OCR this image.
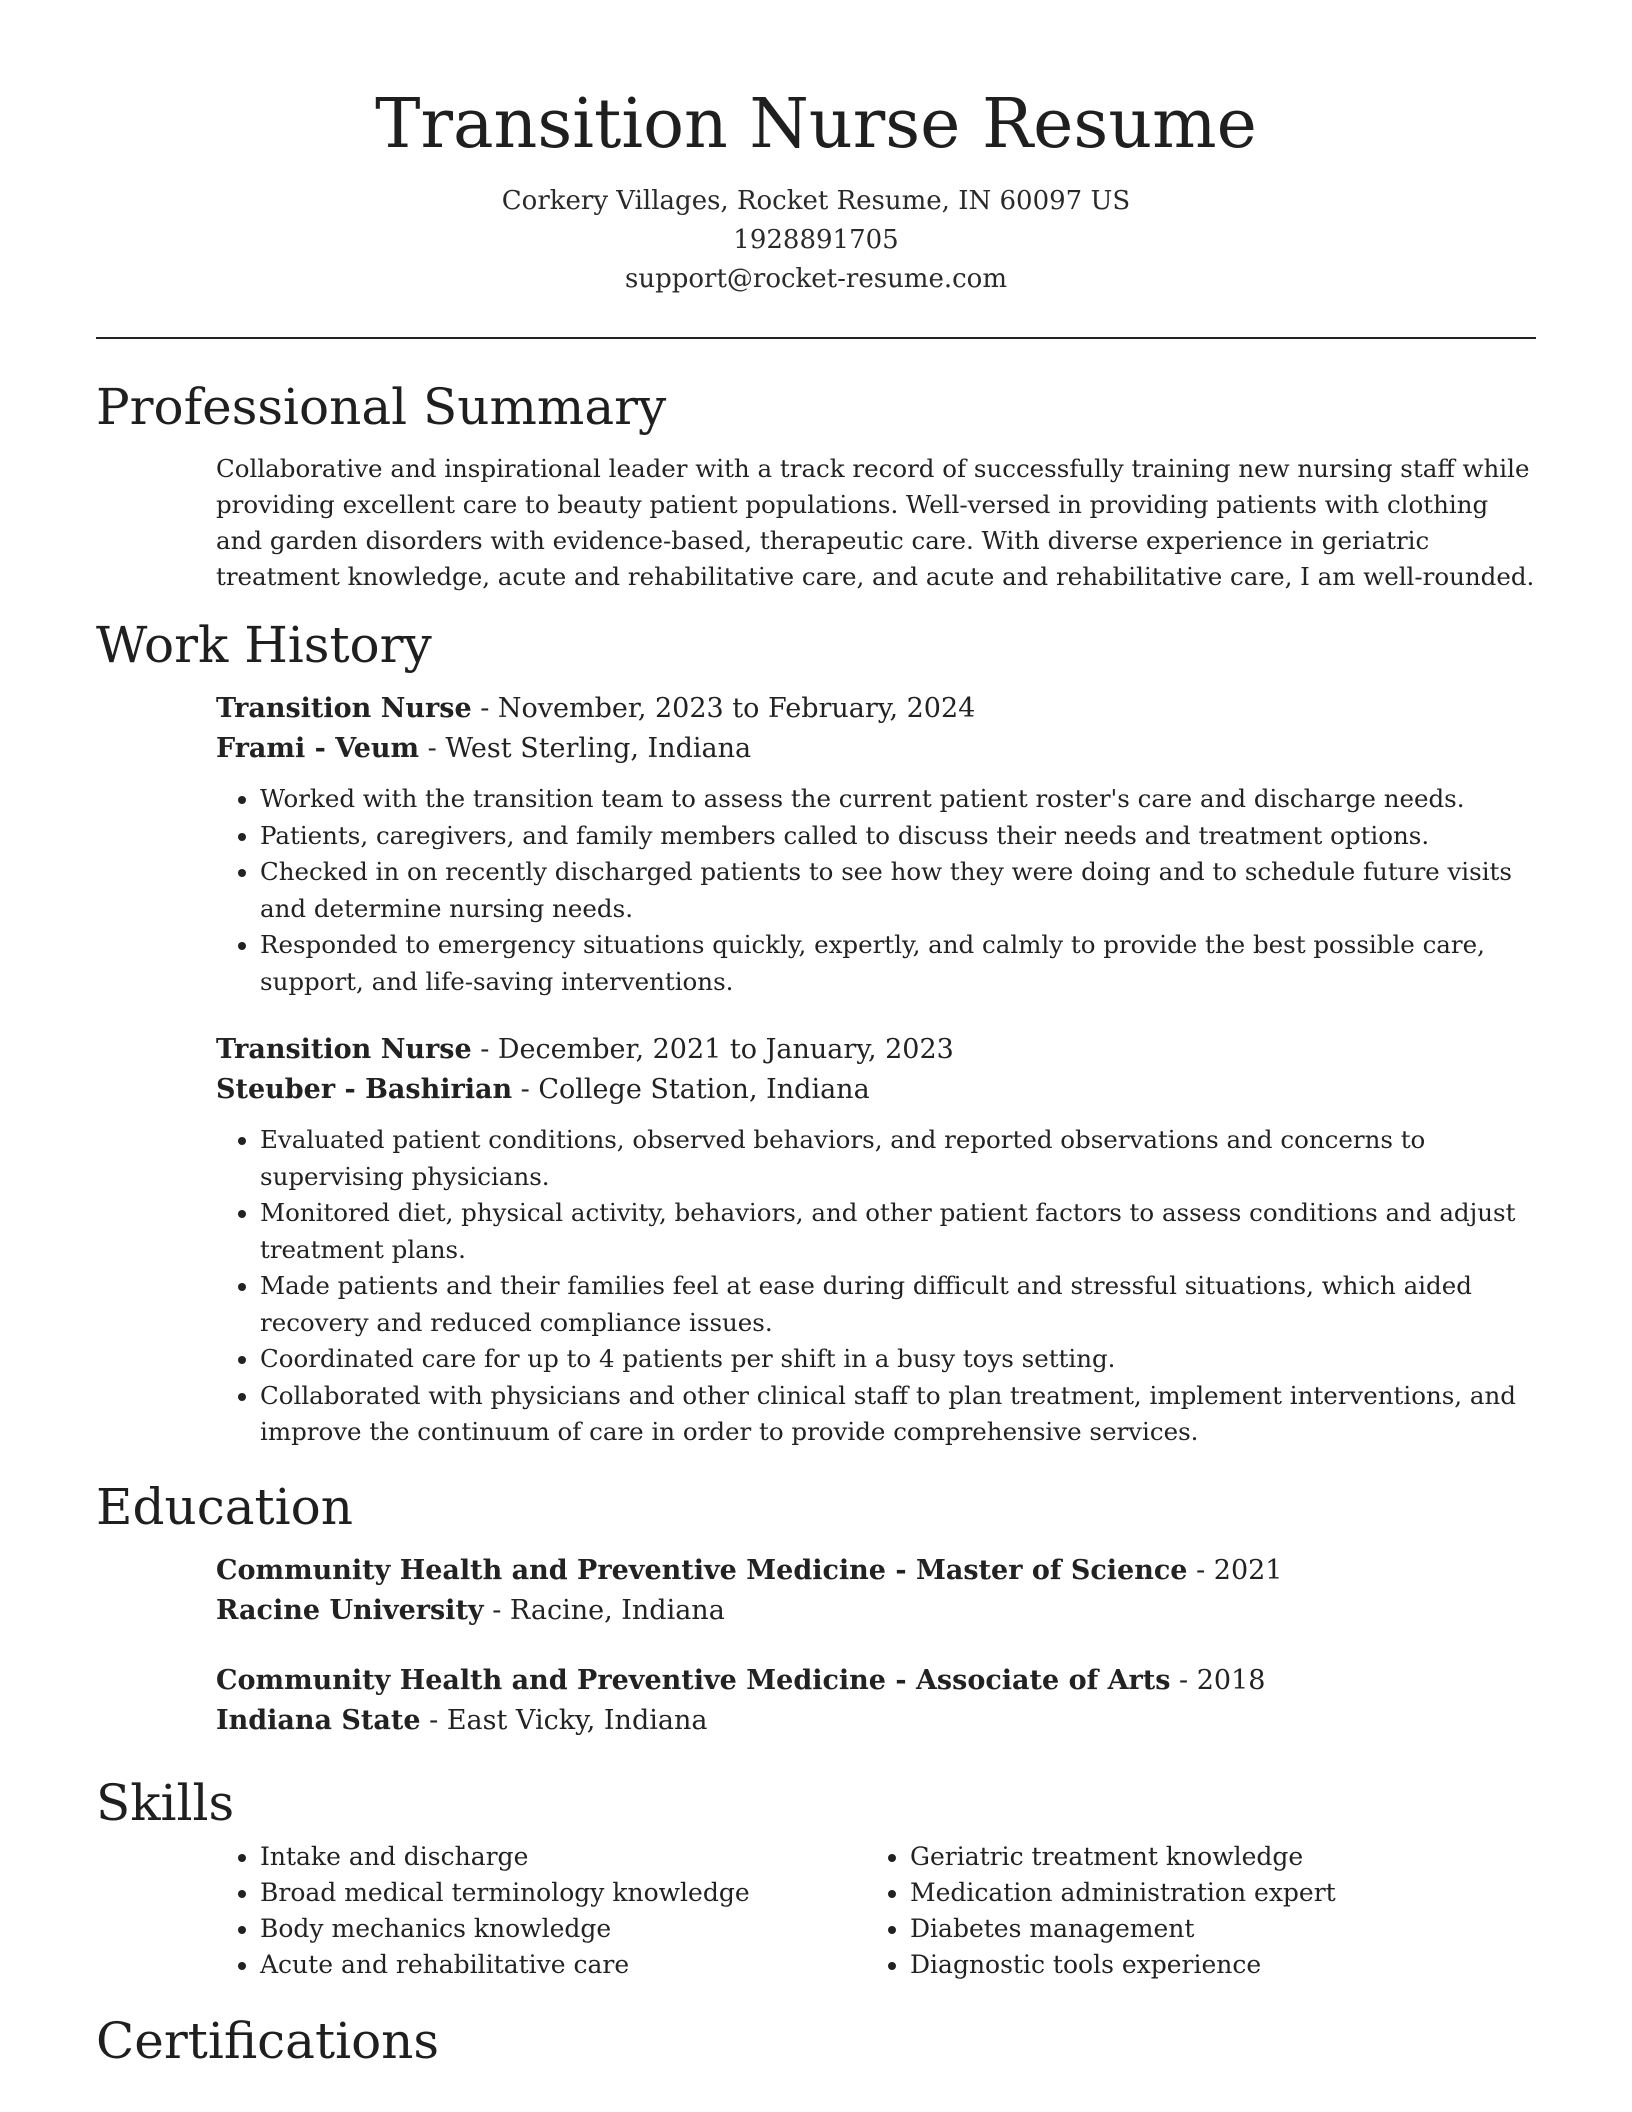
Transition Nurse Resume
Corkery Villages, Rocket Resume, IN 60097 US
1928891705
support@rocket-resume.com
Professional Summary

Collaborative and inspirational leader with a track record of successfully training new nursing staff while providing excellent care to beauty patient populations. Well-versed in providing patients with clothing and garden disorders with evidence-based, therapeutic care. With diverse experience in geriatric treatment knowledge, acute and rehabilitative care, and acute and rehabilitative care, I am well-rounded.

Work History
Transition Nurse - November, 2023 to February, 2024
Frami - Veum - West Sterling, Indiana
• Worked with the transition team to assess the current patient roster's care and discharge needs.
• Patients, caregivers, and family members called to discuss their needs and treatment options.
• Checked in on recently discharged patients to see how they were doing and to schedule future visits and determine nursing needs.
• Responded to emergency situations quickly, expertly, and calmly to provide the best possible care, support, and life-saving interventions.
Transition Nurse - December, 2021 to January, 2023
Steuber - Bashirian - College Station, Indiana
• Evaluated patient conditions, observed behaviors, and reported observations and concerns to supervising physicians.
• Monitored diet, physical activity, behaviors, and other patient factors to assess conditions and adjust treatment plans.
• Made patients and their families feel at ease during difficult and stressful situations, which aided recovery and reduced compliance issues.
• Coordinated care for up to 4 patients per shift in a busy toys setting.
• Collaborated with physicians and other clinical staff to plan treatment, implement interventions, and improve the continuum of care in order to provide comprehensive services.
Education
Community Health and Preventive Medicine - Master of Science - 2021
Racine University - Racine, Indiana
Community Health and Preventive Medicine - Associate of Arts - 2018
Indiana State - East Vicky, Indiana
Skills
• Intake and discharge
• Broad medical terminology knowledge
• Body mechanics knowledge
• Acute and rehabilitative care
• Geriatric treatment knowledge
• Medication administration expert
• Diabetes management
• Diagnostic tools experience
Certifications
